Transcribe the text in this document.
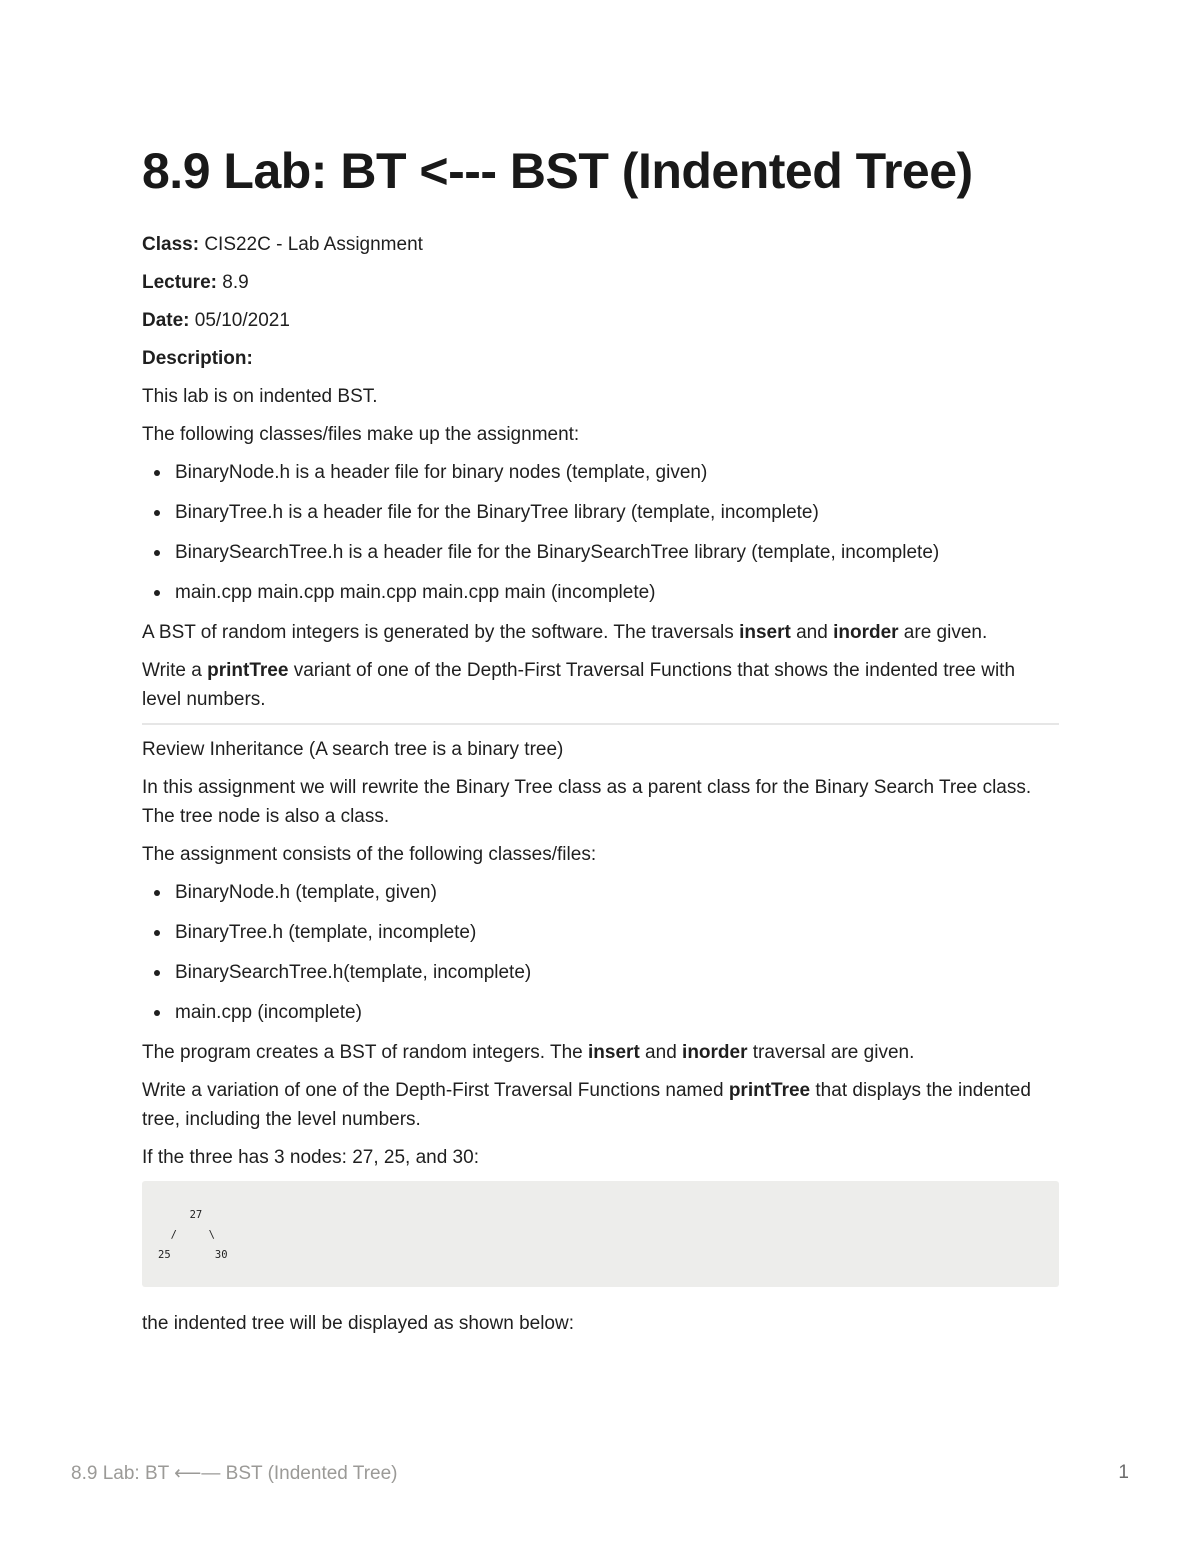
8.9 Lab: BT <--- BST (Indented Tree)

Class: CIS22C - Lab Assignment

Lecture: 8.9

Date: 05/10/2021

Description:

This lab is on indented BST.

The following classes/files make up the assignment:

BinaryNode.h is a header file for binary nodes (template, given)
BinaryTree.h is a header file for the BinaryTree library (template, incomplete)
BinarySearchTree.h is a header file for the BinarySearchTree library (template, incomplete)
main.cpp main.cpp main.cpp main.cpp main (incomplete)

A BST of random integers is generated by the software. The traversals insert and inorder are given.

Write a printTree variant of one of the Depth-First Traversal Functions that shows the indented tree with level numbers.

Review Inheritance (A search tree is a binary tree)

In this assignment we will rewrite the Binary Tree class as a parent class for the Binary Search Tree class. The tree node is also a class.

The assignment consists of the following classes/files:

BinaryNode.h (template, given)
BinaryTree.h (template, incomplete)
BinarySearchTree.h(template, incomplete)
main.cpp (incomplete)

The program creates a BST of random integers. The insert and inorder traversal are given.

Write a variation of one of the Depth-First Traversal Functions named printTree that displays the indented tree, including the level numbers.

If the three has 3 nodes: 27, 25, and 30:

27
/     \
25       30

the indented tree will be displayed as shown below:

8.9 Lab: BT ⟵— BST (Indented Tree)	1
